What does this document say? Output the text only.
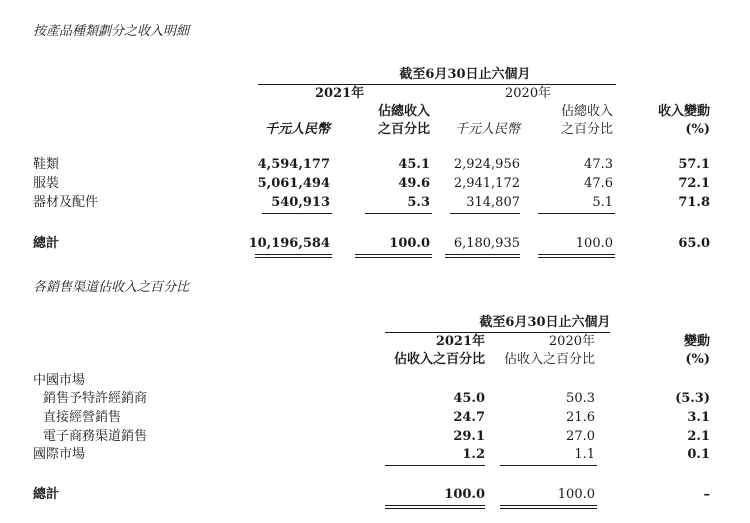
按產品種類劃分之收入明細
截至6月30日止六個月
2021年	2020年
佔總收入	佔總收入	收入變動
千元人民幣	之百分比	千元人民幣	之百分比	(%)
鞋類	4,594,177	45.1	2,924,956	47.3	57.1
服裝	5,061,494	49.6	2,941,172	47.6	72.1
器材及配件	540,913	5.3	314,807	5.1	71.8
總計	10,196,584	100.0	6,180,935	100.0	65.0
各銷售渠道佔收入之百分比
截至6月30日止六個月
2021年	2020年	變動
佔收入之百分比	佔收入之百分比	(%)
中國市場
銷售予特許經銷商	45.0	50.3	(5.3)
直接經營銷售	24.7	21.6	3.1
電子商務渠道銷售	29.1	27.0	2.1
國際市場	1.2	1.1	0.1
總計	100.0	100.0	–
